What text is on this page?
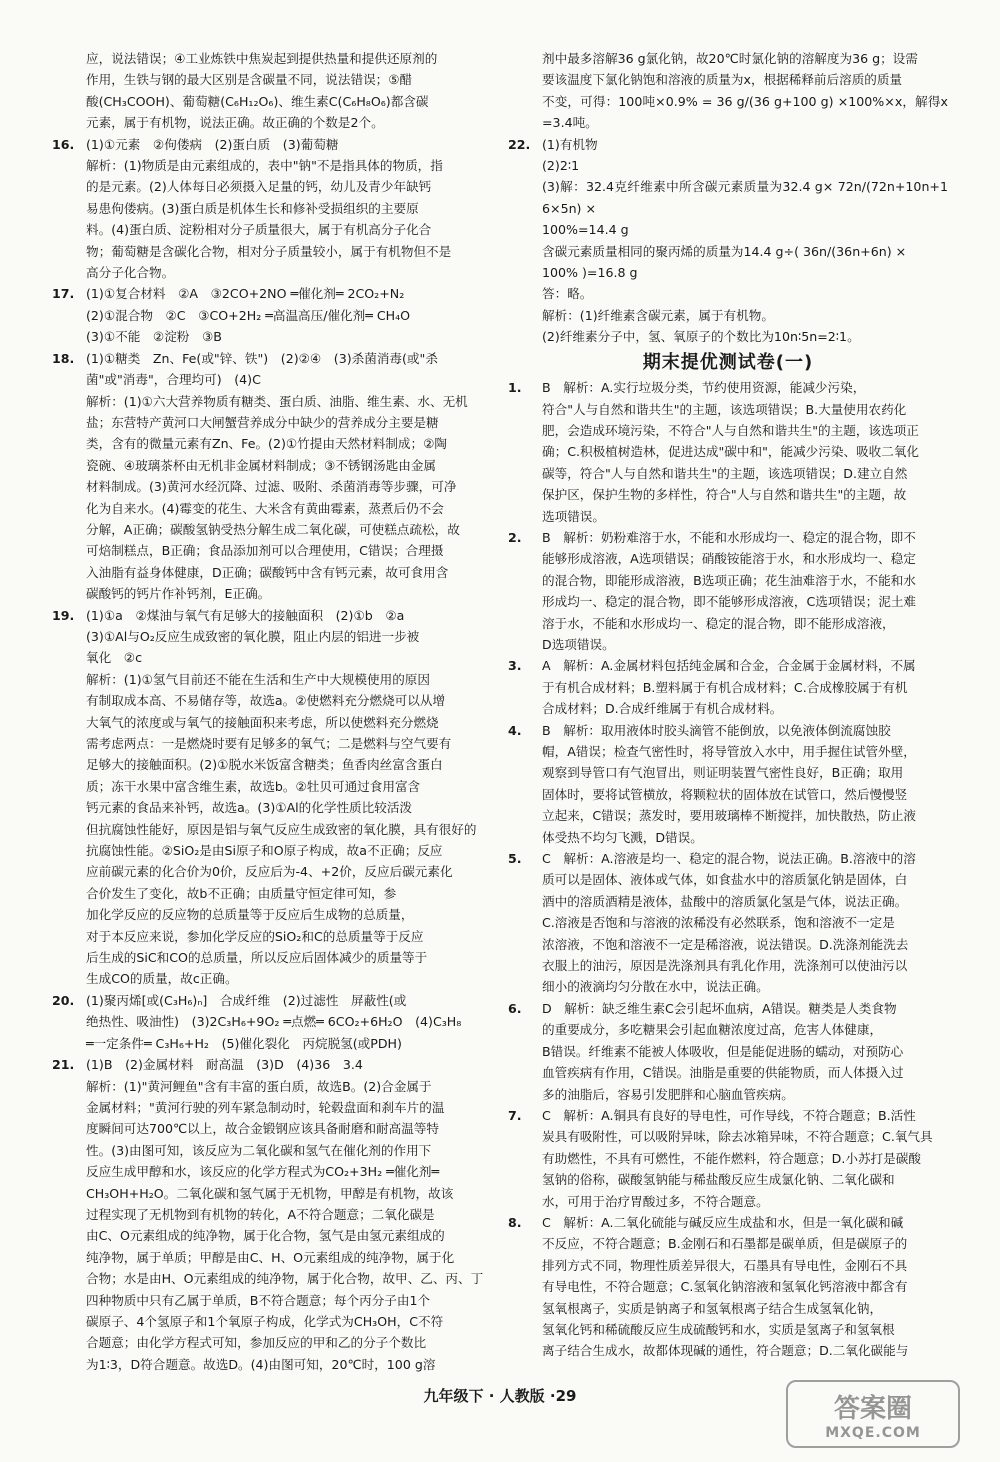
应，说法错误；④工业炼铁中焦炭起到提供热量和提供还原剂的
作用，生铁与钢的最大区别是含碳量不同，说法错误；⑤醋
酸(CH₃COOH)、葡萄糖(C₆H₁₂O₆)、维生素C(C₆H₈O₆)都含碳
元素，属于有机物，说法正确。故正确的个数是2个。
16. (1)①元素　②佝偻病　(2)蛋白质　(3)葡萄糖
解析：(1)物质是由元素组成的，表中"钠"不是指具体的物质，指
的是元素。(2)人体每日必须摄入足量的钙，幼儿及青少年缺钙
易患佝偻病。(3)蛋白质是机体生长和修补受损组织的主要原
料。(4)蛋白质、淀粉相对分子质量很大，属于有机高分子化合
物；葡萄糖是含碳化合物，相对分子质量较小，属于有机物但不是
高分子化合物。
17. (1)①复合材料　②A　③2CO+2NO ═催化剂═ 2CO₂+N₂
(2)①混合物　②C　③CO+2H₂ ═高温高压/催化剂═ CH₄O
(3)①不能　②淀粉　③B
18. (1)①糖类　Zn、Fe(或"锌、铁")　(2)②④　(3)杀菌消毒(或"杀
菌"或"消毒"，合理均可)　(4)C
解析：(1)①六大营养物质有糖类、蛋白质、油脂、维生素、水、无机
盐；东营特产黄河口大闸蟹营养成分中缺少的营养成分主要是糖
类，含有的微量元素有Zn、Fe。(2)①竹提由天然材料制成；②陶
瓷碗、④玻璃茶杯由无机非金属材料制成；③不锈钢汤匙由金属
材料制成。(3)黄河水经沉降、过滤、吸附、杀菌消毒等步骤，可净
化为自来水。(4)霉变的花生、大米含有黄曲霉素，蒸煮后仍不会
分解，A正确；碳酸氢钠受热分解生成二氧化碳，可使糕点疏松，故
可焙制糕点，B正确；食品添加剂可以合理使用，C错误；合理摄
入油脂有益身体健康，D正确；碳酸钙中含有钙元素，故可食用含
碳酸钙的钙片作补钙剂，E正确。
19. (1)①a　②煤油与氧气有足够大的接触面积　(2)①b　②a
(3)①Al与O₂反应生成致密的氧化膜，阻止内层的铝进一步被
氧化　②c
解析：(1)①氢气目前还不能在生活和生产中大规模使用的原因
有制取成本高、不易储存等，故选a。②使燃料充分燃烧可以从增
大氧气的浓度或与氧气的接触面积来考虑，所以使燃料充分燃烧
需考虑两点：一是燃烧时要有足够多的氧气；二是燃料与空气要有
足够大的接触面积。(2)①脱水米饭富含糖类；鱼香肉丝富含蛋白
质；冻干水果中富含维生素，故选b。②牡贝可通过食用富含
钙元素的食品来补钙，故选a。(3)①Al的化学性质比较活泼
但抗腐蚀性能好，原因是铝与氧气反应生成致密的氧化膜，具有很好的
抗腐蚀性能。②SiO₂是由Si原子和O原子构成，故a不正确；反应
应前碳元素的化合价为0价，反应后为-4、+2价，反应后碳元素化
合价发生了变化，故b不正确；由质量守恒定律可知，参
加化学反应的反应物的总质量等于反应后生成物的总质量，
对于本反应来说，参加化学反应的SiO₂和C的总质量等于反应
后生成的SiC和CO的总质量，所以反应后固体减少的质量等于
生成CO的质量，故c正确。
20. (1)聚丙烯[或(C₃H₆)ₙ]　合成纤维　(2)过滤性　屏蔽性(或
绝热性、吸油性)　(3)2C₃H₆+9O₂ ═点燃═ 6CO₂+6H₂O　(4)C₃H₈
═一定条件═ C₃H₆+H₂　(5)催化裂化　丙烷脱氢(或PDH)
21. (1)B　(2)金属材料　耐高温　(3)D　(4)36　3.4
解析：(1)"黄河鲤鱼"含有丰富的蛋白质，故选B。(2)合金属于
金属材料；"黄河行驶的列车紧急制动时，轮毂盘面和刹车片的温
度瞬间可达700℃以上，故合金锻钢应该具备耐磨和耐高温等特
性。(3)由图可知，该反应为二氧化碳和氢气在催化剂的作用下
反应生成甲醇和水，该反应的化学方程式为CO₂+3H₂ ═催化剂═
CH₃OH+H₂O。二氧化碳和氢气属于无机物，甲醇是有机物，故该
过程实现了无机物到有机物的转化，A不符合题意；二氧化碳是
由C、O元素组成的纯净物，属于化合物，氢气是由氢元素组成的
纯净物，属于单质；甲醇是由C、H、O元素组成的纯净物，属于化
合物；水是由H、O元素组成的纯净物，属于化合物，故甲、乙、丙、丁
四种物质中只有乙属于单质，B不符合题意；每个丙分子由1个
碳原子、4个氢原子和1个氧原子构成，化学式为CH₃OH，C不符
合题意；由化学方程式可知，参加反应的甲和乙的分子个数比
为1∶3，D符合题意。故选D。(4)由图可知，20℃时，100 g溶
剂中最多溶解36 g氯化钠，故20℃时氯化钠的溶解度为36 g；设需
要该温度下氯化钠饱和溶液的质量为x，根据稀释前后溶质的质量
不变，可得：100吨×0.9% = 36 g/(36 g+100 g) ×100%×x，解得x=3.4吨。
22. (1)有机物
(2)2∶1
(3)解：32.4克纤维素中所含碳元素质量为32.4 g× 72n/(72n+10n+16×5n) ×
100%=14.4 g
含碳元素质量相同的聚丙烯的质量为14.4 g÷( 36n/(36n+6n) ×
100% )=16.8 g
答：略。
解析：(1)纤维素含碳元素，属于有机物。
(2)纤维素分子中，氢、氧原子的个数比为10n∶5n=2∶1。
期末提优测试卷(一)
1.	B　解析：A.实行垃圾分类，节约使用资源，能减少污染，
符合"人与自然和谐共生"的主题，该选项错误；B.大量使用农药化
肥，会造成环境污染，不符合"人与自然和谐共生"的主题，该选项正
确；C.积极植树造林，促进达成"碳中和"，能减少污染、吸收二氧化
碳等，符合"人与自然和谐共生"的主题，该选项错误；D.建立自然
保护区，保护生物的多样性，符合"人与自然和谐共生"的主题，故
选项错误。
2.	B　解析：奶粉难溶于水，不能和水形成均一、稳定的混合物，即不
能够形成溶液，A选项错误；硝酸铵能溶于水，和水形成均一、稳定
的混合物，即能形成溶液，B选项正确；花生油难溶于水，不能和水
形成均一、稳定的混合物，即不能够形成溶液，C选项错误；泥土难
溶于水，不能和水形成均一、稳定的混合物，即不能形成溶液，
D选项错误。
3.	A　解析：A.金属材料包括纯金属和合金，合金属于金属材料，不属
于有机合成材料；B.塑料属于有机合成材料；C.合成橡胶属于有机
合成材料；D.合成纤维属于有机合成材料。
4.	B　解析：取用液体时胶头滴管不能倒放，以免液体倒流腐蚀胶
帽，A错误；检查气密性时，将导管放入水中，用手握住试管外壁，
观察到导管口有气泡冒出，则证明装置气密性良好，B正确；取用
固体时，要将试管横放，将颗粒状的固体放在试管口，然后慢慢竖
立起来，C错误；蒸发时，要用玻璃棒不断搅拌，加快散热，防止液
体受热不均匀飞溅，D错误。
5.	C　解析：A.溶液是均一、稳定的混合物，说法正确。B.溶液中的溶
质可以是固体、液体或气体，如食盐水中的溶质氯化钠是固体，白
酒中的溶质酒精是液体，盐酸中的溶质氯化氢是气体，说法正确。
C.溶液是否饱和与溶液的浓稀没有必然联系，饱和溶液不一定是
浓溶液，不饱和溶液不一定是稀溶液，说法错误。D.洗涤剂能洗去
衣服上的油污，原因是洗涤剂具有乳化作用，洗涤剂可以使油污以
细小的液滴均匀分散在水中，说法正确。
6.	D　解析：缺乏维生素C会引起坏血病，A错误。糖类是人类食物
的重要成分，多吃糖果会引起血糖浓度过高，危害人体健康，
B错误。纤维素不能被人体吸收，但是能促进肠的蠕动，对预防心
血管疾病有作用，C错误。油脂是重要的供能物质，而人体摄入过
多的油脂后，容易引发肥胖和心脑血管疾病。
7.	C　解析：A.铜具有良好的导电性，可作导线，不符合题意；B.活性
炭具有吸附性，可以吸附异味，除去冰箱异味，不符合题意；C.氧气具
有助燃性，不具有可燃性，不能作燃料，符合题意；D.小苏打是碳酸
氢钠的俗称，碳酸氢钠能与稀盐酸反应生成氯化钠、二氧化碳和
水，可用于治疗胃酸过多，不符合题意。
8.	C　解析：A.二氧化硫能与碱反应生成盐和水，但是一氧化碳和碱
不反应，不符合题意；B.金刚石和石墨都是碳单质，但是碳原子的
排列方式不同，物理性质差异很大，石墨具有导电性，金刚石不具
有导电性，不符合题意；C.氢氧化钠溶液和氢氧化钙溶液中都含有
氢氧根离子，实质是钠离子和氢氧根离子结合生成氢氧化钠，
氢氧化钙和稀硫酸反应生成硫酸钙和水，实质是氢离子和氢氧根
离子结合生成水，故都体现碱的通性，符合题意；D.二氧化碳能与
九年级下 · 人教版 ·29	答案圈
MXQE.COM
